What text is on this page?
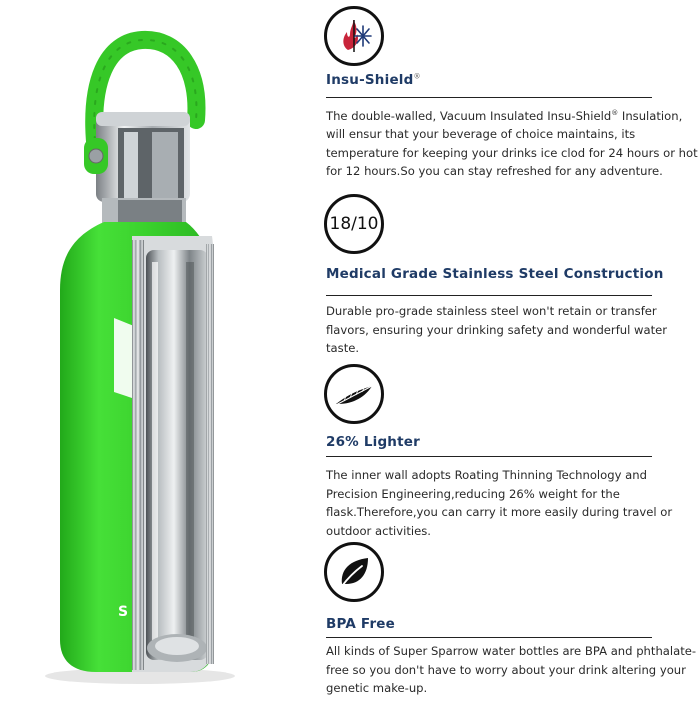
S
Insu-Shield®
The double-walled, Vacuum Insulated Insu-Shield® Insulation, will ensur that your beverage of choice maintains, its temperature for keeping your drinks ice clod for 24 hours or hot for 12 hours.So you can stay refreshed for any adventure.
18/10
Medical Grade Stainless Steel Construction
Durable pro-grade stainless steel won't retain or transfer flavors, ensuring your drinking safety and wonderful water taste.
26% Lighter
The inner wall adopts Roating Thinning Technology and Precision Engineering,reducing 26% weight for the flask.Therefore,you can carry it more easily during travel or outdoor activities.
BPA Free
All kinds of Super Sparrow water bottles are BPA and phthalate-free so you don't have to worry about your drink altering your genetic make-up.
